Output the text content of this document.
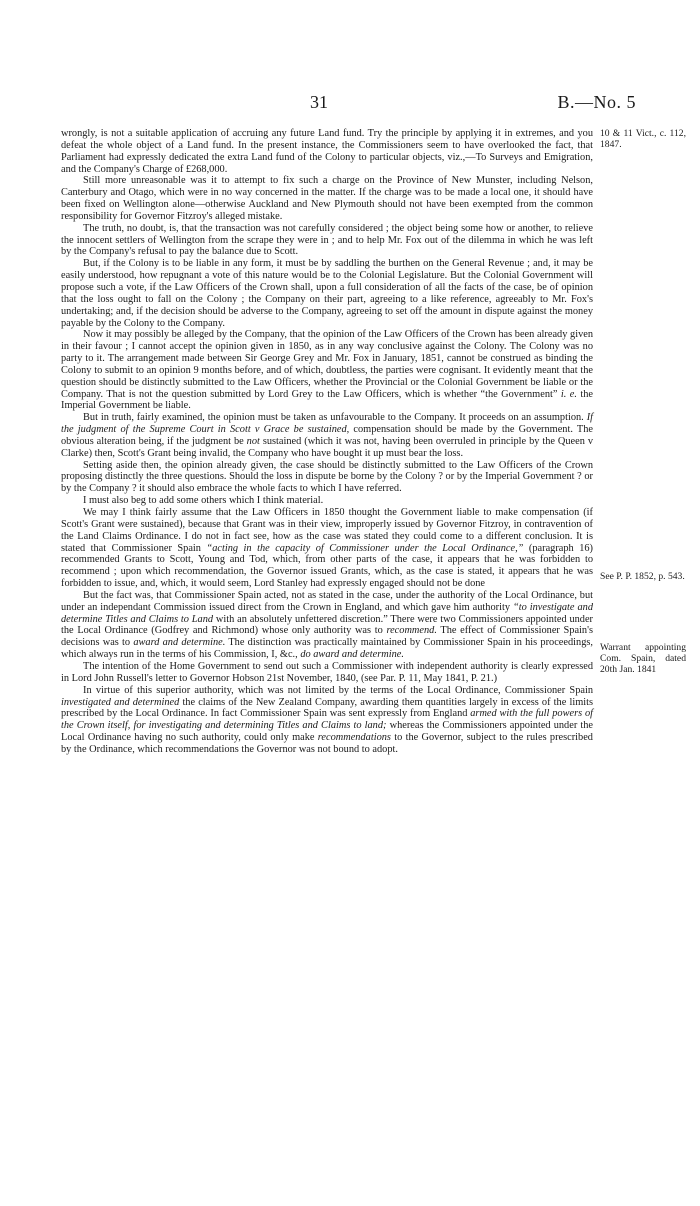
31	B.—No. 5
10 & 11 Vict., c. 112, 1847.
See P. P. 1852, p. 543.
Warrant appointing Com. Spain, dated 20th Jan. 1841

wrongly, is not a suitable application of accruing any future Land fund. Try the principle by applying it in extremes, and you defeat the whole object of a Land fund. In the present instance, the Commissioners seem to have overlooked the fact, that Parliament had expressly dedicated the extra Land fund of the Colony to particular objects, viz.,—To Surveys and Emigration, and the Company's Charge of £268,000.

Still more unreasonable was it to attempt to fix such a charge on the Province of New Munster, including Nelson, Canterbury and Otago, which were in no way concerned in the matter. If the charge was to be made a local one, it should have been fixed on Wellington alone—otherwise Auckland and New Plymouth should not have been exempted from the common responsibility for Governor Fitzroy's alleged mistake.

The truth, no doubt, is, that the transaction was not carefully considered ; the object being some how or another, to relieve the innocent settlers of Wellington from the scrape they were in ; and to help Mr. Fox out of the dilemma in which he was left by the Company's refusal to pay the balance due to Scott.

But, if the Colony is to be liable in any form, it must be by saddling the burthen on the General Revenue ; and, it may be easily understood, how repugnant a vote of this nature would be to the Colonial Legislature. But the Colonial Government will propose such a vote, if the Law Officers of the Crown shall, upon a full consideration of all the facts of the case, be of opinion that the loss ought to fall on the Colony ; the Company on their part, agreeing to a like reference, agreeably to Mr. Fox's undertaking; and, if the decision should be adverse to the Company, agreeing to set off the amount in dispute against the money payable by the Colony to the Company.

Now it may possibly be alleged by the Company, that the opinion of the Law Officers of the Crown has been already given in their favour ; I cannot accept the opinion given in 1850, as in any way conclusive against the Colony. The Colony was no party to it. The arrangement made between Sir George Grey and Mr. Fox in January, 1851, cannot be construed as binding the Colony to submit to an opinion 9 months before, and of which, doubtless, the parties were cognisant. It evidently meant that the question should be distinctly submitted to the Law Officers, whether the Provincial or the Colonial Government be liable or the Company. That is not the question submitted by Lord Grey to the Law Officers, which is whether “the Government” i. e. the Imperial Government be liable.

But in truth, fairly examined, the opinion must be taken as unfavourable to the Company. It proceeds on an assumption. If the judgment of the Supreme Court in Scott v Grace be sustained, compensation should be made by the Government. The obvious alteration being, if the judgment be not sustained (which it was not, having been overruled in principle by the Queen v Clarke) then, Scott's Grant being invalid, the Company who have bought it up must bear the loss.

Setting aside then, the opinion already given, the case should be distinctly submitted to the Law Officers of the Crown proposing distinctly the three questions. Should the loss in dispute be borne by the Colony ? or by the Imperial Government ? or by the Company ? it should also embrace the whole facts to which I have referred.

I must also beg to add some others which I think material.

We may I think fairly assume that the Law Officers in 1850 thought the Government liable to make compensation (if Scott's Grant were sustained), because that Grant was in their view, improperly issued by Governor Fitzroy, in contravention of the Land Claims Ordinance. I do not in fact see, how as the case was stated they could come to a different conclusion. It is stated that Commissioner Spain “acting in the capacity of Commissioner under the Local Ordinance,” (paragraph 16) recommended Grants to Scott, Young and Tod, which, from other parts of the case, it appears that he was forbidden to recommend ; upon which recommendation, the Governor issued Grants, which, as the case is stated, it appears that he was forbidden to issue, and, which, it would seem, Lord Stanley had expressly engaged should not be done

But the fact was, that Commissioner Spain acted, not as stated in the case, under the authority of the Local Ordinance, but under an independant Commission issued direct from the Crown in England, and which gave him authority “to investigate and determine Titles and Claims to Land with an absolutely unfettered discretion.” There were two Commissioners appointed under the Local Ordinance (Godfrey and Richmond) whose only authority was to recommend. The effect of Commissioner Spain's decisions was to award and determine. The distinction was practically maintained by Commissioner Spain in his proceedings, which always run in the terms of his Commission, I, &c., do award and determine.

The intention of the Home Government to send out such a Commissioner with independent authority is clearly expressed in Lord John Russell's letter to Governor Hobson 21st November, 1840, (see Par. P. 11, May 1841, P. 21.)

In virtue of this superior authority, which was not limited by the terms of the Local Ordinance, Commissioner Spain investigated and determined the claims of the New Zealand Company, awarding them quantities largely in excess of the limits prescribed by the Local Ordinance. In fact Commissioner Spain was sent expressly from England armed with the full powers of the Crown itself, for investigating and determining Titles and Claims to land; whereas the Commissioners appointed under the Local Ordinance having no such authority, could only make recommendations to the Governor, subject to the rules prescribed by the Ordinance, which recommendations the Governor was not bound to adopt.
